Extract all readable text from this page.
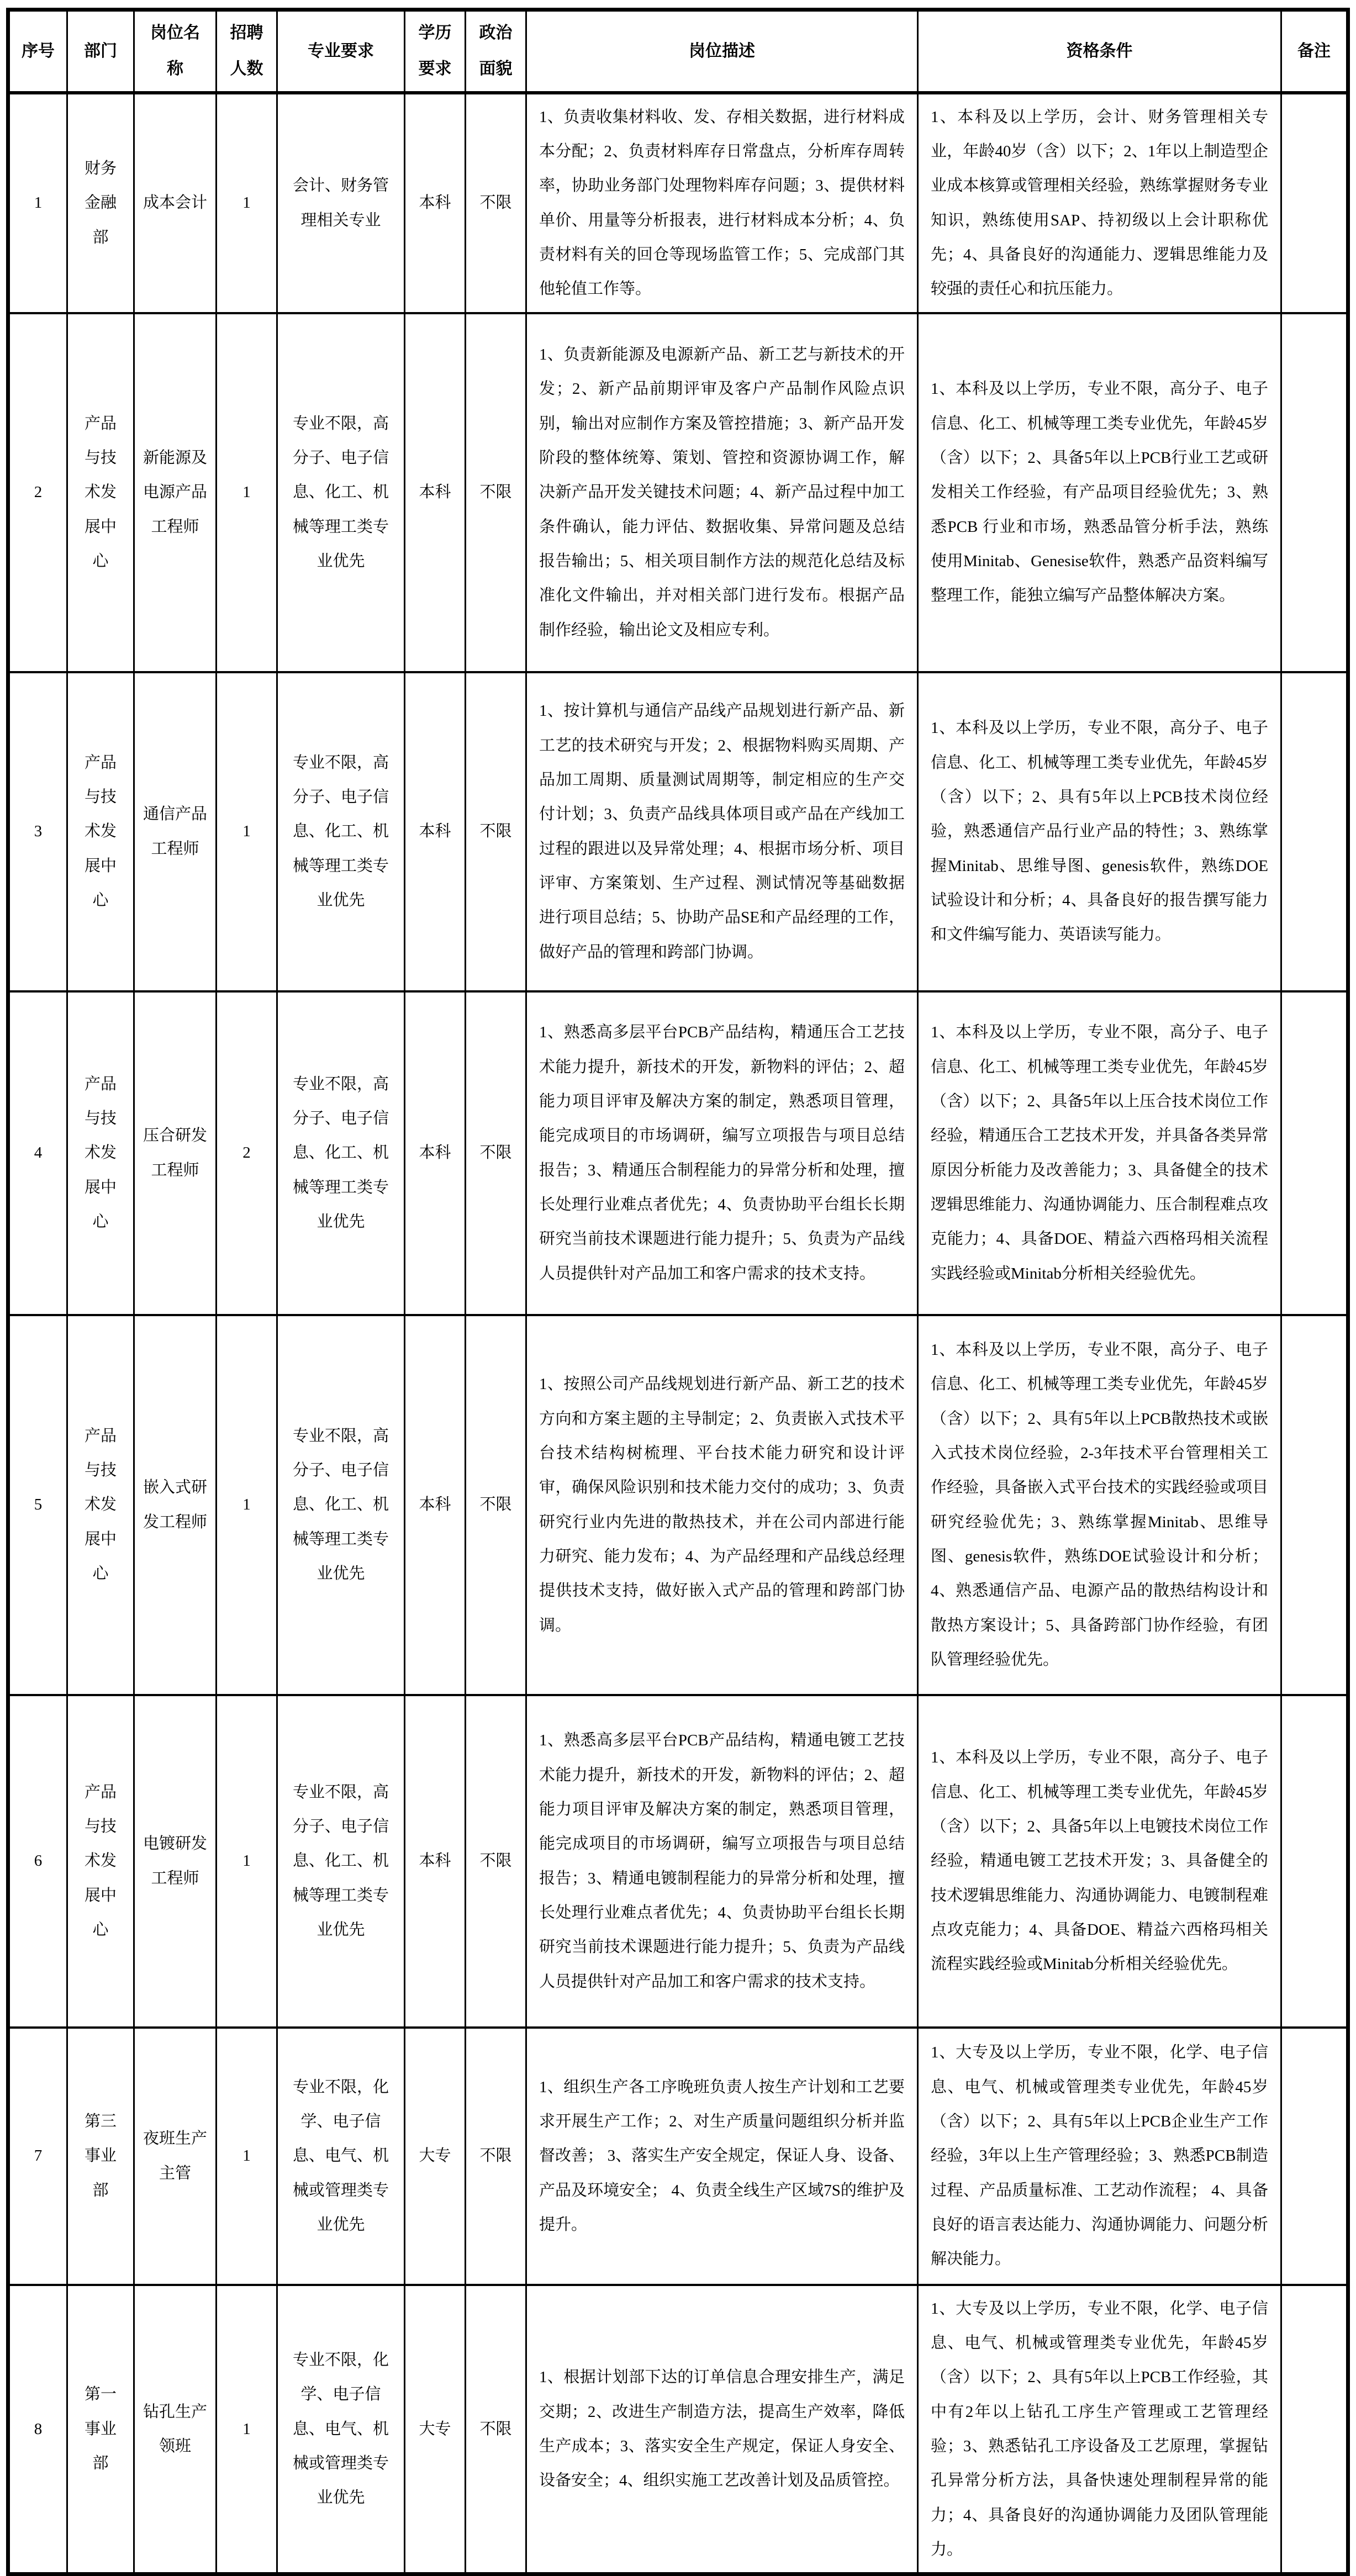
序号	部门	岗位名称	招聘人数	专业要求	学历要求	政治面貌	岗位描述	资格条件	备注
1	财务金融部	成本会计	1	会计、财务管理相关专业	本科	不限	1、负责收集材料收、发、存相关数据，进行材料成本分配；2、负责材料库存日常盘点，分析库存周转率，协助业务部门处理物料库存问题；3、提供材料单价、用量等分析报表，进行材料成本分析；4、负责材料有关的回仓等现场监管工作；5、完成部门其他轮值工作等。	1、本科及以上学历，会计、财务管理相关专业，年龄40岁（含）以下；2、1年以上制造型企业成本核算或管理相关经验，熟练掌握财务专业知识，熟练使用SAP、持初级以上会计职称优先；4、具备良好的沟通能力、逻辑思维能力及较强的责任心和抗压能力。	
2	产品与技术发展中心	新能源及电源产品工程师	1	专业不限，高分子、电子信息、化工、机械等理工类专业优先	本科	不限	1、负责新能源及电源新产品、新工艺与新技术的开发；2、新产品前期评审及客户产品制作风险点识别，输出对应制作方案及管控措施；3、新产品开发阶段的整体统筹、策划、管控和资源协调工作，解决新产品开发关键技术问题；4、新产品过程中加工条件确认，能力评估、数据收集、异常问题及总结报告输出；5、相关项目制作方法的规范化总结及标准化文件输出，并对相关部门进行发布。根据产品制作经验，输出论文及相应专利。	1、本科及以上学历，专业不限，高分子、电子信息、化工、机械等理工类专业优先，年龄45岁（含）以下；2、具备5年以上PCB行业工艺或研发相关工作经验，有产品项目经验优先；3、熟悉PCB 行业和市场，熟悉品管分析手法，熟练使用Minitab、Genesise软件，熟悉产品资料编写整理工作，能独立编写产品整体解决方案。	
3	产品与技术发展中心	通信产品工程师	1	专业不限，高分子、电子信息、化工、机械等理工类专业优先	本科	不限	1、按计算机与通信产品线产品规划进行新产品、新工艺的技术研究与开发；2、根据物料购买周期、产品加工周期、质量测试周期等，制定相应的生产交付计划；3、负责产品线具体项目或产品在产线加工过程的跟进以及异常处理；4、根据市场分析、项目评审、方案策划、生产过程、测试情况等基础数据进行项目总结；5、协助产品SE和产品经理的工作，做好产品的管理和跨部门协调。	1、本科及以上学历，专业不限，高分子、电子信息、化工、机械等理工类专业优先，年龄45岁（含）以下；2、具有5年以上PCB技术岗位经验，熟悉通信产品行业产品的特性；3、熟练掌握Minitab、思维导图、genesis软件，熟练DOE试验设计和分析；4、具备良好的报告撰写能力和文件编写能力、英语读写能力。	
4	产品与技术发展中心	压合研发工程师	2	专业不限，高分子、电子信息、化工、机械等理工类专业优先	本科	不限	1、熟悉高多层平台PCB产品结构，精通压合工艺技术能力提升，新技术的开发，新物料的评估；2、超能力项目评审及解决方案的制定，熟悉项目管理，能完成项目的市场调研，编写立项报告与项目总结报告；3、精通压合制程能力的异常分析和处理，擅长处理行业难点者优先；4、负责协助平台组长长期研究当前技术课题进行能力提升；5、负责为产品线人员提供针对产品加工和客户需求的技术支持。	1、本科及以上学历，专业不限，高分子、电子信息、化工、机械等理工类专业优先，年龄45岁（含）以下；2、具备5年以上压合技术岗位工作经验，精通压合工艺技术开发，并具备各类异常原因分析能力及改善能力；3、具备健全的技术逻辑思维能力、沟通协调能力、压合制程难点攻克能力；4、具备DOE、精益六西格玛相关流程实践经验或Minitab分析相关经验优先。	
5	产品与技术发展中心	嵌入式研发工程师	1	专业不限，高分子、电子信息、化工、机械等理工类专业优先	本科	不限	1、按照公司产品线规划进行新产品、新工艺的技术方向和方案主题的主导制定；2、负责嵌入式技术平台技术结构树梳理、平台技术能力研究和设计评审，确保风险识别和技术能力交付的成功；3、负责研究行业内先进的散热技术，并在公司内部进行能力研究、能力发布；4、为产品经理和产品线总经理提供技术支持，做好嵌入式产品的管理和跨部门协调。	1、本科及以上学历，专业不限，高分子、电子信息、化工、机械等理工类专业优先，年龄45岁（含）以下；2、具有5年以上PCB散热技术或嵌入式技术岗位经验，2-3年技术平台管理相关工作经验，具备嵌入式平台技术的实践经验或项目研究经验优先；3、熟练掌握Minitab、思维导图、genesis软件，熟练DOE试验设计和分析；4、熟悉通信产品、电源产品的散热结构设计和散热方案设计；5、具备跨部门协作经验，有团队管理经验优先。	
6	产品与技术发展中心	电镀研发工程师	1	专业不限，高分子、电子信息、化工、机械等理工类专业优先	本科	不限	1、熟悉高多层平台PCB产品结构，精通电镀工艺技术能力提升，新技术的开发，新物料的评估；2、超能力项目评审及解决方案的制定，熟悉项目管理，能完成项目的市场调研，编写立项报告与项目总结报告；3、精通电镀制程能力的异常分析和处理，擅长处理行业难点者优先；4、负责协助平台组长长期研究当前技术课题进行能力提升；5、负责为产品线人员提供针对产品加工和客户需求的技术支持。	1、本科及以上学历，专业不限，高分子、电子信息、化工、机械等理工类专业优先，年龄45岁（含）以下；2、具备5年以上电镀技术岗位工作经验，精通电镀工艺技术开发；3、具备健全的技术逻辑思维能力、沟通协调能力、电镀制程难点攻克能力；4、具备DOE、精益六西格玛相关流程实践经验或Minitab分析相关经验优先。	
7	第三事业部	夜班生产主管	1	专业不限，化学、电子信息、电气、机械或管理类专业优先	大专	不限	1、组织生产各工序晚班负责人按生产计划和工艺要求开展生产工作；2、对生产质量问题组织分析并监督改善； 3、落实生产安全规定，保证人身、设备、产品及环境安全； 4、负责全线生产区域7S的维护及提升。	1、大专及以上学历，专业不限，化学、电子信息、电气、机械或管理类专业优先，年龄45岁（含）以下；2、具有5年以上PCB企业生产工作经验，3年以上生产管理经验；3、熟悉PCB制造过程、产品质量标准、工艺动作流程； 4、具备良好的语言表达能力、沟通协调能力、问题分析解决能力。	
8	第一事业部	钻孔生产领班	1	专业不限，化学、电子信息、电气、机械或管理类专业优先	大专	不限	1、根据计划部下达的订单信息合理安排生产，满足交期；2、改进生产制造方法，提高生产效率，降低生产成本；3、落实安全生产规定，保证人身安全、设备安全；4、组织实施工艺改善计划及品质管控。	1、大专及以上学历，专业不限，化学、电子信息、电气、机械或管理类专业优先，年龄45岁（含）以下；2、具有5年以上PCB工作经验，其中有2年以上钻孔工序生产管理或工艺管理经验；3、熟悉钻孔工序设备及工艺原理，掌握钻孔异常分析方法，具备快速处理制程异常的能力；4、具备良好的沟通协调能力及团队管理能力。	
